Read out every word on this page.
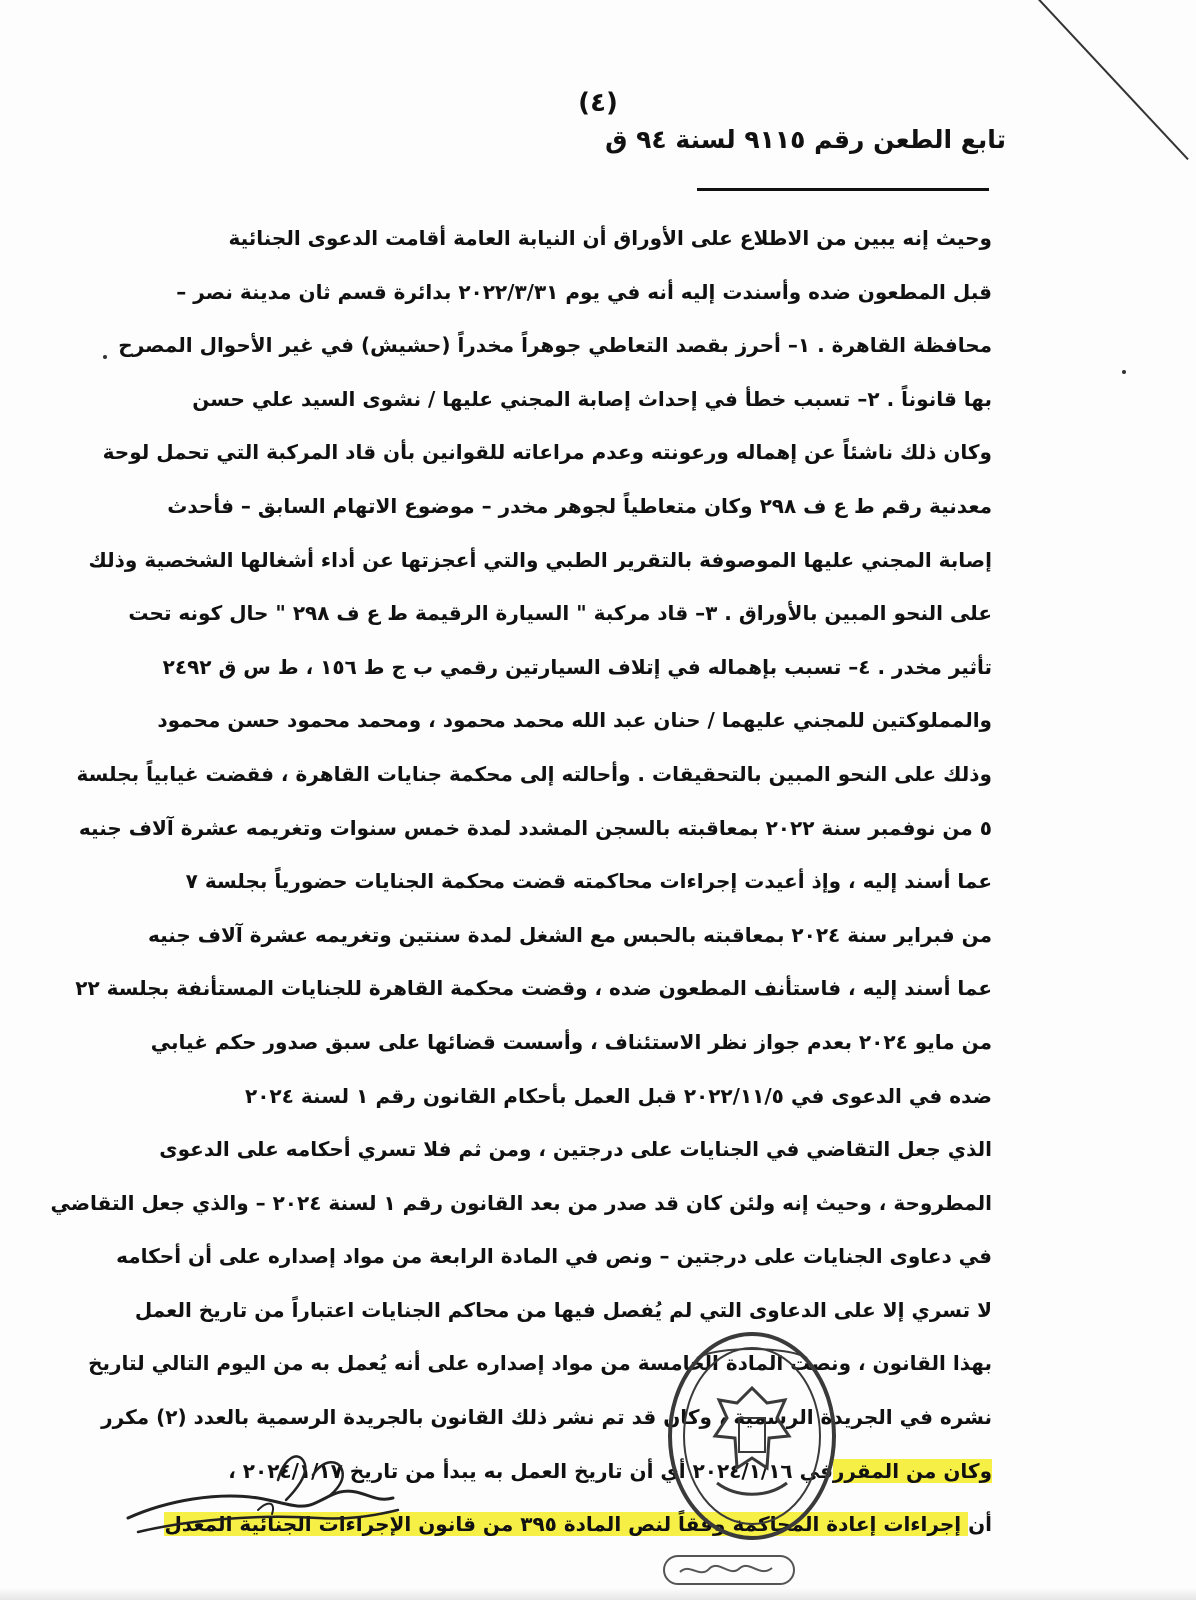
(٤)
تابع الطعن رقم ٩١١٥ لسنة ٩٤ ق
وحيث إنه يبين من الاطلاع على الأوراق أن النيابة العامة أقامت الدعوى الجنائية
قبل المطعون ضده وأسندت إليه أنه في يوم ٢٠٢٢/٣/٣١ بدائرة قسم ثان مدينة نصر –
محافظة القاهرة . ١– أحرز بقصد التعاطي جوهراً مخدراً (حشيش) في غير الأحوال المصرح
بها قانوناً . ٢– تسبب خطأ في إحداث إصابة المجني عليها / نشوى السيد علي حسن
وكان ذلك ناشئاً عن إهماله ورعونته وعدم مراعاته للقوانين بأن قاد المركبة التي تحمل لوحة
معدنية رقم ط ع ف ٢٩٨ وكان متعاطياً لجوهر مخدر – موضوع الاتهام السابق – فأحدث
إصابة المجني عليها الموصوفة بالتقرير الطبي والتي أعجزتها عن أداء أشغالها الشخصية وذلك
على النحو المبين بالأوراق . ٣– قاد مركبة " السيارة الرقيمة ط ع ف ٢٩٨ " حال كونه تحت
تأثير مخدر . ٤– تسبب بإهماله في إتلاف السيارتين رقمي ب ج ط ١٥٦ ، ط س ق ٢٤٩٢
والمملوكتين للمجني عليهما / حنان عبد الله محمد محمود ، ومحمد محمود حسن محمود
وذلك على النحو المبين بالتحقيقات . وأحالته إلى محكمة جنايات القاهرة ، فقضت غيابياً بجلسة
٥ من نوفمبر سنة ٢٠٢٢ بمعاقبته بالسجن المشدد لمدة خمس سنوات وتغريمه عشرة آلاف جنيه
عما أسند إليه ، وإذ أعيدت إجراءات محاكمته قضت محكمة الجنايات حضورياً بجلسة ٧
من فبراير سنة ٢٠٢٤ بمعاقبته بالحبس مع الشغل لمدة سنتين وتغريمه عشرة آلاف جنيه
عما أسند إليه ، فاستأنف المطعون ضده ، وقضت محكمة القاهرة للجنايات المستأنفة بجلسة ٢٢
من مايو ٢٠٢٤ بعدم جواز نظر الاستئناف ، وأسست قضائها على سبق صدور حكم غيابي
ضده في الدعوى في ٢٠٢٢/١١/٥ قبل العمل بأحكام القانون رقم ١ لسنة ٢٠٢٤
الذي جعل التقاضي في الجنايات على درجتين ، ومن ثم فلا تسري أحكامه على الدعوى
المطروحة ، وحيث إنه ولئن كان قد صدر من بعد القانون رقم ١ لسنة ٢٠٢٤ – والذي جعل التقاضي
في دعاوى الجنايات على درجتين – ونص في المادة الرابعة من مواد إصداره على أن أحكامه
لا تسري إلا على الدعاوى التي لم يُفصل فيها من محاكم الجنايات اعتباراً من تاريخ العمل
بهذا القانون ، ونصت المادة الخامسة من مواد إصداره على أنه يُعمل به من اليوم التالي لتاريخ
نشره في الجريدة الرسمية ، وكان قد تم نشر ذلك القانون بالجريدة الرسمية بالعدد (٢) مكرر
وكان من المقررفي ٢٠٢٤/١/١٦ أي أن تاريخ العمل به يبدأ من تاريخ ٢٠٢٤/١/١٧ ،
أن إجراءات إعادة المحاكمة وفقاً لنص المادة ٣٩٥ من قانون الإجراءات الجنائية المعدل
